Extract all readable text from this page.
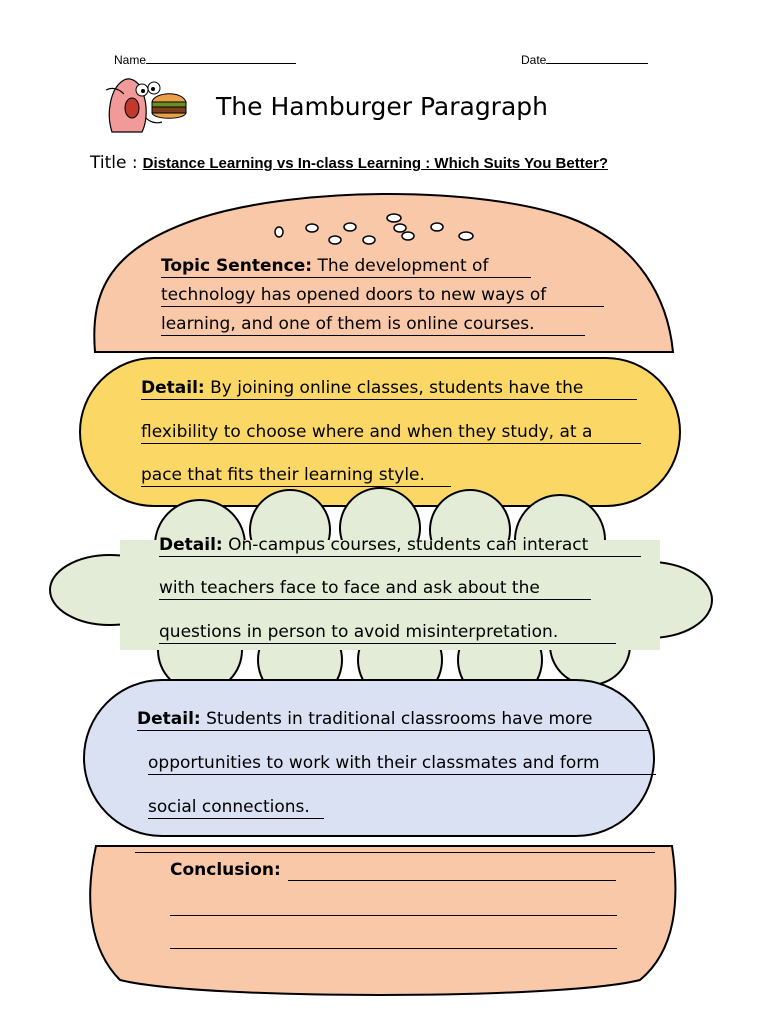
Name	Date
The Hamburger Paragraph
Title : Distance Learning vs In-class Learning : Which Suits You Better?
Topic Sentence: The development of
technology has opened doors to new ways of
learning, and one of them is online courses.
Detail: By joining online classes, students have the
flexibility to choose where and when they study, at a
pace that fits their learning style.
Detail: On-campus courses, students can interact
with teachers face to face and ask about the
questions in person to avoid misinterpretation.
Detail: Students in traditional classrooms have more
opportunities to work with their classmates and form
social connections.
Conclusion:
